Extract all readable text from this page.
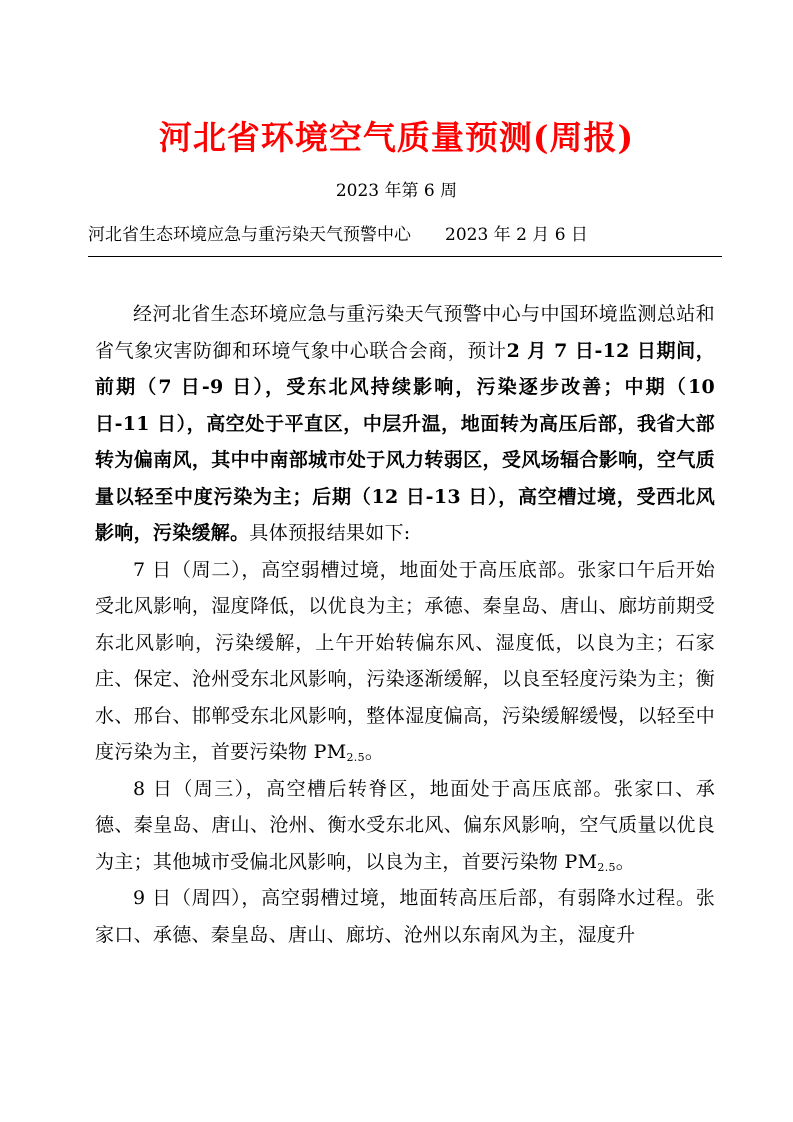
河北省环境空气质量预测(周报)
2023 年第 6 周
河北省生态环境应急与重污染天气预警中心 2023 年 2 月 6 日

经河北省生态环境应急与重污染天气预警中心与中国环境监测总站和省气象灾害防御和环境气象中心联合会商，预计2 月 7 日-12 日期间，前期（7 日-9 日），受东北风持续影响，污染逐步改善；中期（10 日-11 日），高空处于平直区，中层升温，地面转为高压后部，我省大部转为偏南风，其中中南部城市处于风力转弱区，受风场辐合影响，空气质量以轻至中度污染为主；后期（12 日-13 日），高空槽过境，受西北风影响，污染缓解。具体预报结果如下:

7 日（周二），高空弱槽过境，地面处于高压底部。张家口午后开始受北风影响，湿度降低，以优良为主；承德、秦皇岛、唐山、廊坊前期受东北风影响，污染缓解，上午开始转偏东风、湿度低，以良为主；石家庄、保定、沧州受东北风影响，污染逐渐缓解，以良至轻度污染为主；衡水、邢台、邯郸受东北风影响，整体湿度偏高，污染缓解缓慢，以轻至中度污染为主，首要污染物 $PM_{2.5}$。

8 日（周三），高空槽后转脊区，地面处于高压底部。张家口、承德、秦皇岛、唐山、沧州、衡水受东北风、偏东风影响，空气质量以优良为主；其他城市受偏北风影响，以良为主，首要污染物 $PM_{2.5}$。

9 日（周四），高空弱槽过境，地面转高压后部，有弱降水过程。张家口、承德、秦皇岛、唐山、廊坊、沧州以东南风为主，湿度升
